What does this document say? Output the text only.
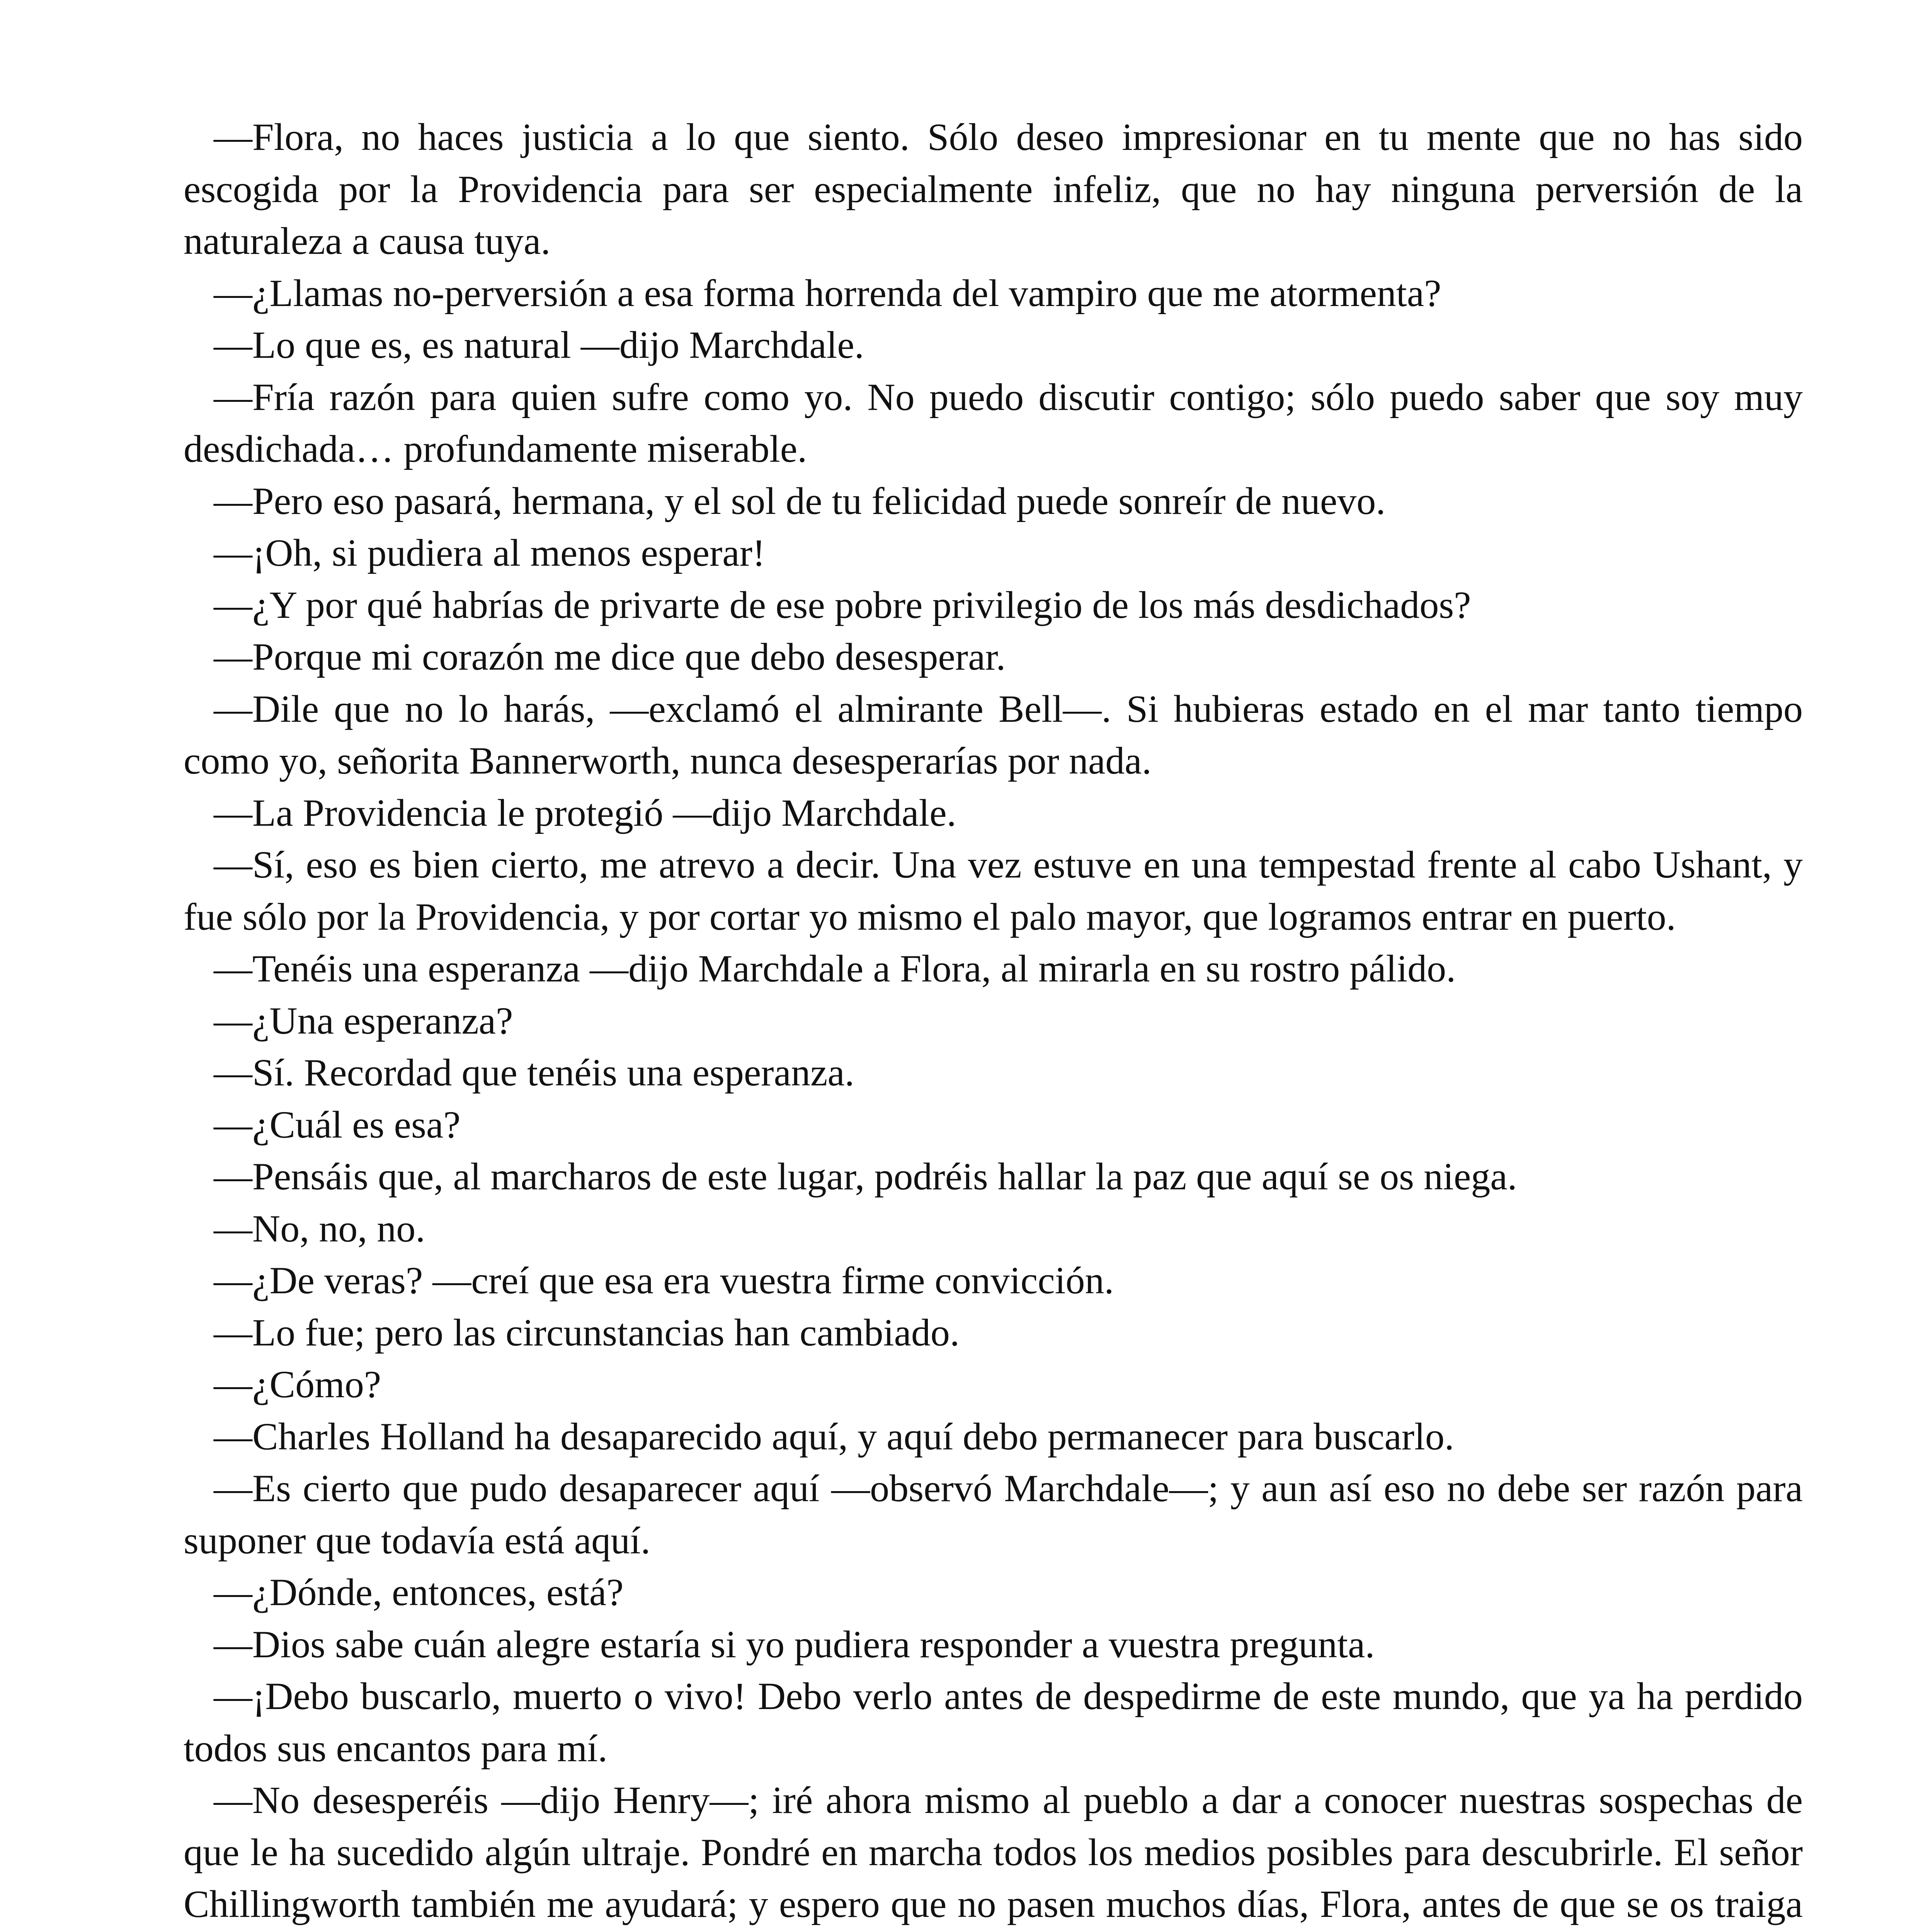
—Flora, no haces justicia a lo que siento. Sólo deseo impresionar en tu mente que no has sido escogida por la Providencia para ser especialmente infeliz, que no hay ninguna perversión de la naturaleza a causa tuya.

—¿Llamas no-perversión a esa forma horrenda del vampiro que me atormenta?

—Lo que es, es natural —dijo Marchdale.

—Fría razón para quien sufre como yo. No puedo discutir contigo; sólo puedo saber que soy muy desdichada… profundamente miserable.

—Pero eso pasará, hermana, y el sol de tu felicidad puede sonreír de nuevo.

—¡Oh, si pudiera al menos esperar!

—¿Y por qué habrías de privarte de ese pobre privilegio de los más desdichados?

—Porque mi corazón me dice que debo desesperar.

—Dile que no lo harás, —exclamó el almirante Bell—. Si hubieras estado en el mar tanto tiempo como yo, señorita Bannerworth, nunca desesperarías por nada.

—La Providencia le protegió —dijo Marchdale.

—Sí, eso es bien cierto, me atrevo a decir. Una vez estuve en una tempestad frente al cabo Ushant, y fue sólo por la Providencia, y por cortar yo mismo el palo mayor, que logramos entrar en puerto.

—Tenéis una esperanza —dijo Marchdale a Flora, al mirarla en su rostro pálido.

—¿Una esperanza?

—Sí. Recordad que tenéis una esperanza.

—¿Cuál es esa?

—Pensáis que, al marcharos de este lugar, podréis hallar la paz que aquí se os niega.

—No, no, no.

—¿De veras? —creí que esa era vuestra firme convicción.

—Lo fue; pero las circunstancias han cambiado.

—¿Cómo?

—Charles Holland ha desaparecido aquí, y aquí debo permanecer para buscarlo.

—Es cierto que pudo desaparecer aquí —observó Marchdale—; y aun así eso no debe ser razón para suponer que todavía está aquí.

—¿Dónde, entonces, está?

—Dios sabe cuán alegre estaría si yo pudiera responder a vuestra pregunta.

—¡Debo buscarlo, muerto o vivo! Debo verlo antes de despedirme de este mundo, que ya ha perdido todos sus encantos para mí.

—No desesperéis —dijo Henry—; iré ahora mismo al pueblo a dar a conocer nuestras sospechas de que le ha sucedido algún ultraje. Pondré en marcha todos los medios posibles para descubrirle. El señor Chillingworth también me ayudará; y espero que no pasen muchos días, Flora, antes de que se os traiga
